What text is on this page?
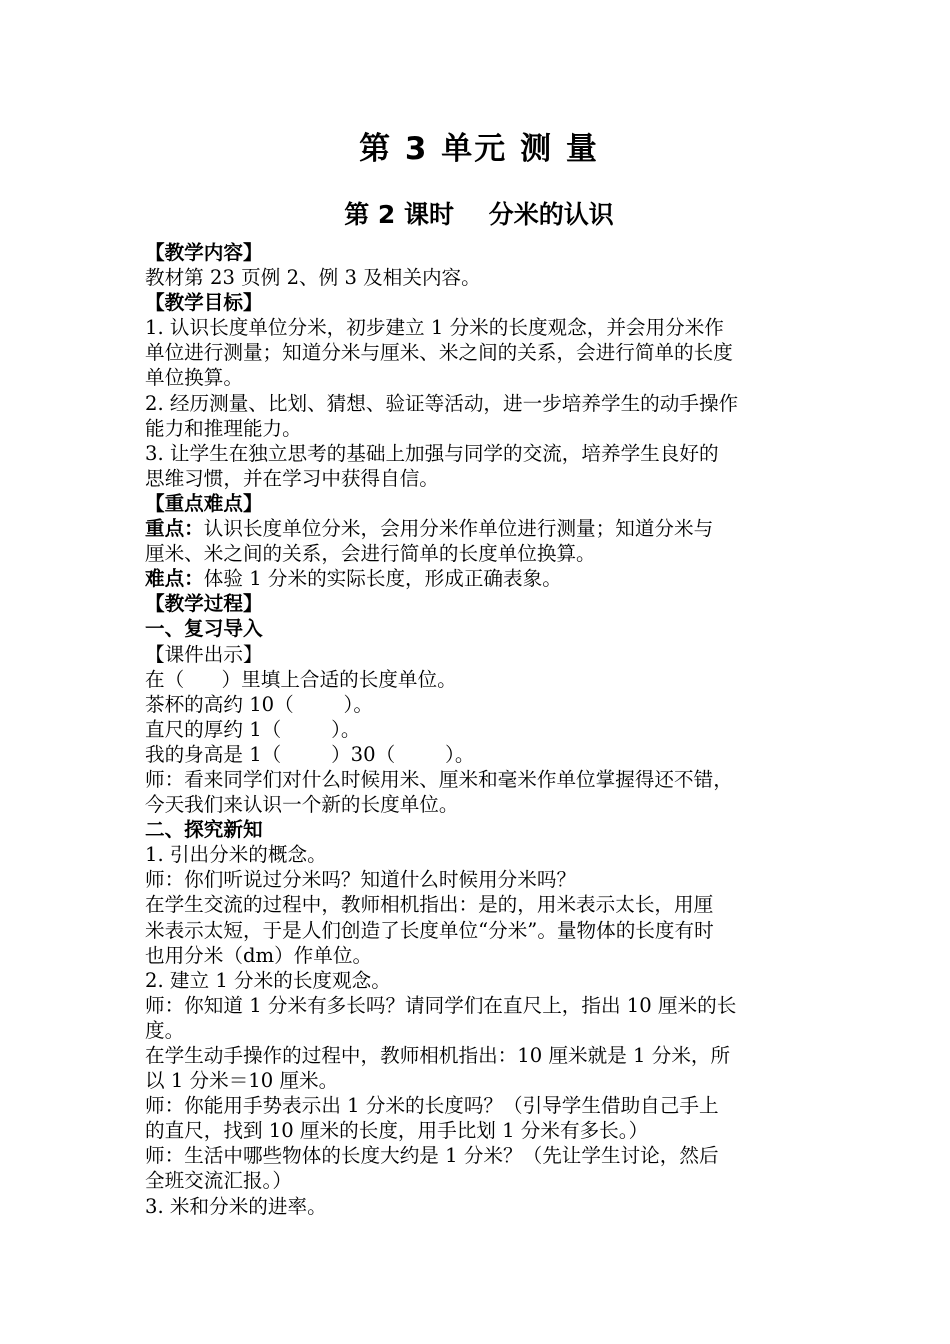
第 3 单元 测 量
第 2 课时    分米的认识

【教学内容】

教材第 23 页例 2、例 3 及相关内容。

【教学目标】

1. 认识长度单位分米，初步建立 1 分米的长度观念，并会用分米作

单位进行测量；知道分米与厘米、米之间的关系，会进行简单的长度

单位换算。

2. 经历测量、比划、猜想、验证等活动，进一步培养学生的动手操作

能力和推理能力。

3. 让学生在独立思考的基础上加强与同学的交流，培养学生良好的

思维习惯，并在学习中获得自信。

【重点难点】

重点：认识长度单位分米，会用分米作单位进行测量；知道分米与

厘米、米之间的关系，会进行简单的长度单位换算。

难点：体验 1 分米的实际长度，形成正确表象。

【教学过程】

一、复习导入

【课件出示】

在（      ）里填上合适的长度单位。

茶杯的高约 10（        ）。

直尺的厚约 1（        ）。

我的身高是 1（        ）30（        ）。

师：看来同学们对什么时候用米、厘米和毫米作单位掌握得还不错，

今天我们来认识一个新的长度单位。

二、探究新知

1. 引出分米的概念。

师：你们听说过分米吗？知道什么时候用分米吗？

在学生交流的过程中，教师相机指出：是的，用米表示太长，用厘

米表示太短，于是人们创造了长度单位“分米”。量物体的长度有时

也用分米（dm）作单位。

2. 建立 1 分米的长度观念。

师：你知道 1 分米有多长吗？请同学们在直尺上，指出 10 厘米的长

度。

在学生动手操作的过程中，教师相机指出：10 厘米就是 1 分米，所

以 1 分米＝10 厘米。

师：你能用手势表示出 1 分米的长度吗？（引导学生借助自己手上

的直尺，找到 10 厘米的长度，用手比划 1 分米有多长。）

师：生活中哪些物体的长度大约是 1 分米？（先让学生讨论，然后

全班交流汇报。）

3. 米和分米的进率。
